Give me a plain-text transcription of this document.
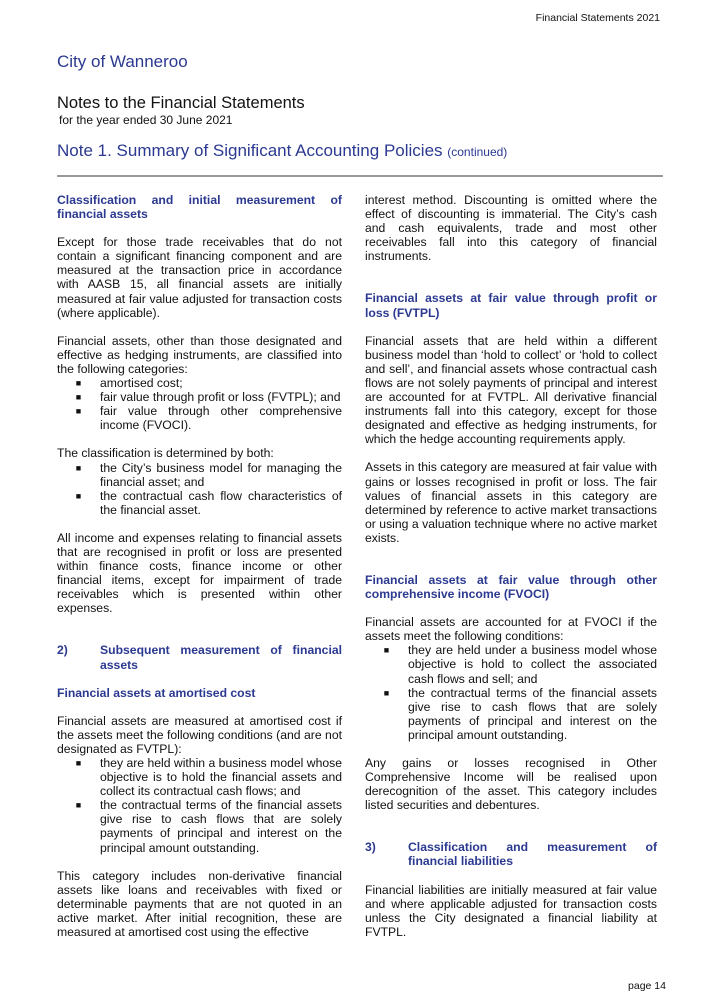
Financial Statements 2021
City of Wanneroo
Notes to the Financial Statements
for the year ended 30 June 2021
Note 1. Summary of Significant Accounting Policies (continued)

Classification and initial measurement of financial assets

Except for those trade receivables that do not contain a significant financing component and are measured at the transaction price in accordance with AASB 15, all financial assets are initially measured at fair value adjusted for transaction costs (where applicable).

Financial assets, other than those designated and effective as hedging instruments, are classified into the following categories:

■	amortised cost;
■	fair value through profit or loss (FVTPL); and
■	fair value through other comprehensive income (FVOCI).

The classification is determined by both:

■	the City’s business model for managing the financial asset; and
■	the contractual cash flow characteristics of the financial asset.

All income and expenses relating to financial assets that are recognised in profit or loss are presented within finance costs, finance income or other financial items, except for impairment of trade receivables which is presented within other expenses.

2)	Subsequent measurement of financial assets

Financial assets at amortised cost

Financial assets are measured at amortised cost if the assets meet the following conditions (and are not designated as FVTPL):

■	they are held within a business model whose objective is to hold the financial assets and collect its contractual cash flows; and
■	the contractual terms of the financial assets give rise to cash flows that are solely payments of principal and interest on the principal amount outstanding.

This category includes non-derivative financial assets like loans and receivables with fixed or determinable payments that are not quoted in an active market. After initial recognition, these are measured at amortised cost using the effective

interest method. Discounting is omitted where the effect of discounting is immaterial. The City’s cash and cash equivalents, trade and most other receivables fall into this category of financial instruments.

Financial assets at fair value through profit or loss (FVTPL)

Financial assets that are held within a different business model than ‘hold to collect’ or ‘hold to collect and sell’, and financial assets whose contractual cash flows are not solely payments of principal and interest are accounted for at FVTPL. All derivative financial instruments fall into this category, except for those designated and effective as hedging instruments, for which the hedge accounting requirements apply.

Assets in this category are measured at fair value with gains or losses recognised in profit or loss. The fair values of financial assets in this category are determined by reference to active market transactions or using a valuation technique where no active market exists.

Financial assets at fair value through other comprehensive income (FVOCI)

Financial assets are accounted for at FVOCI if the assets meet the following conditions:

■	they are held under a business model whose objective is hold to collect the associated cash flows and sell; and
■	the contractual terms of the financial assets give rise to cash flows that are solely payments of principal and interest on the principal amount outstanding.

Any gains or losses recognised in Other Comprehensive Income will be realised upon derecognition of the asset. This category includes listed securities and debentures.

3)	Classification and measurement of financial liabilities

Financial liabilities are initially measured at fair value and where applicable adjusted for transaction costs unless the City designated a financial liability at FVTPL.

page 14
